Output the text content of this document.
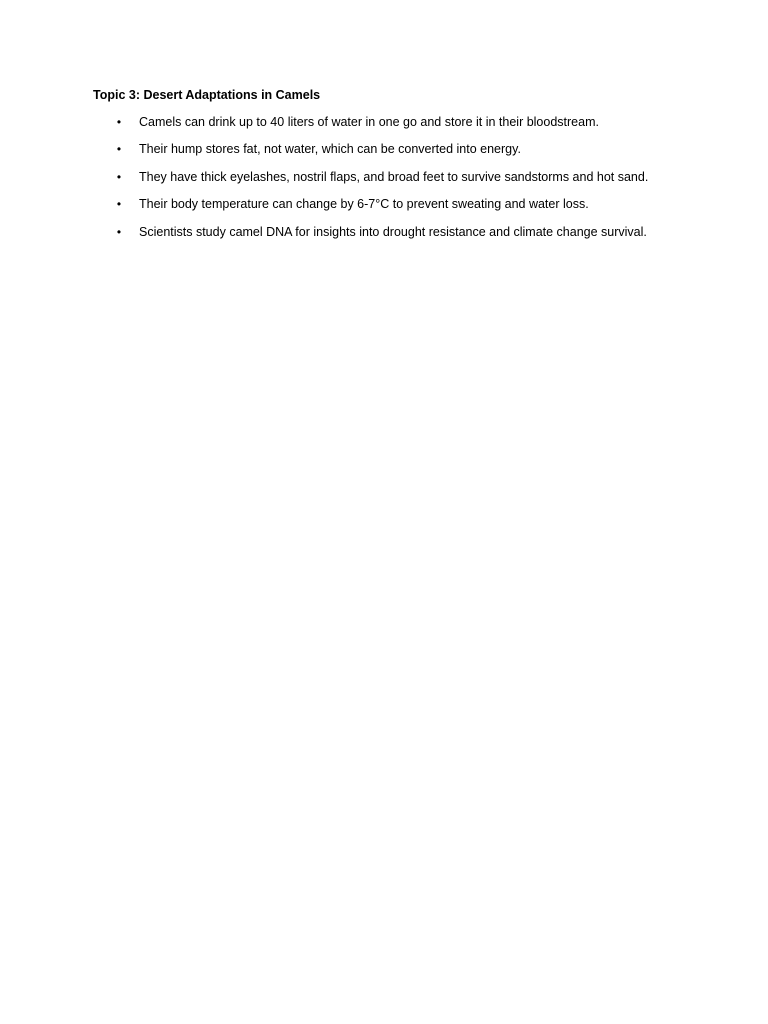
Topic 3: Desert Adaptations in Camels
• Camels can drink up to 40 liters of water in one go and store it in their bloodstream.
• Their hump stores fat, not water, which can be converted into energy.
• They have thick eyelashes, nostril flaps, and broad feet to survive sandstorms and hot sand.
• Their body temperature can change by 6-7°C to prevent sweating and water loss.
• Scientists study camel DNA for insights into drought resistance and climate change survival.
